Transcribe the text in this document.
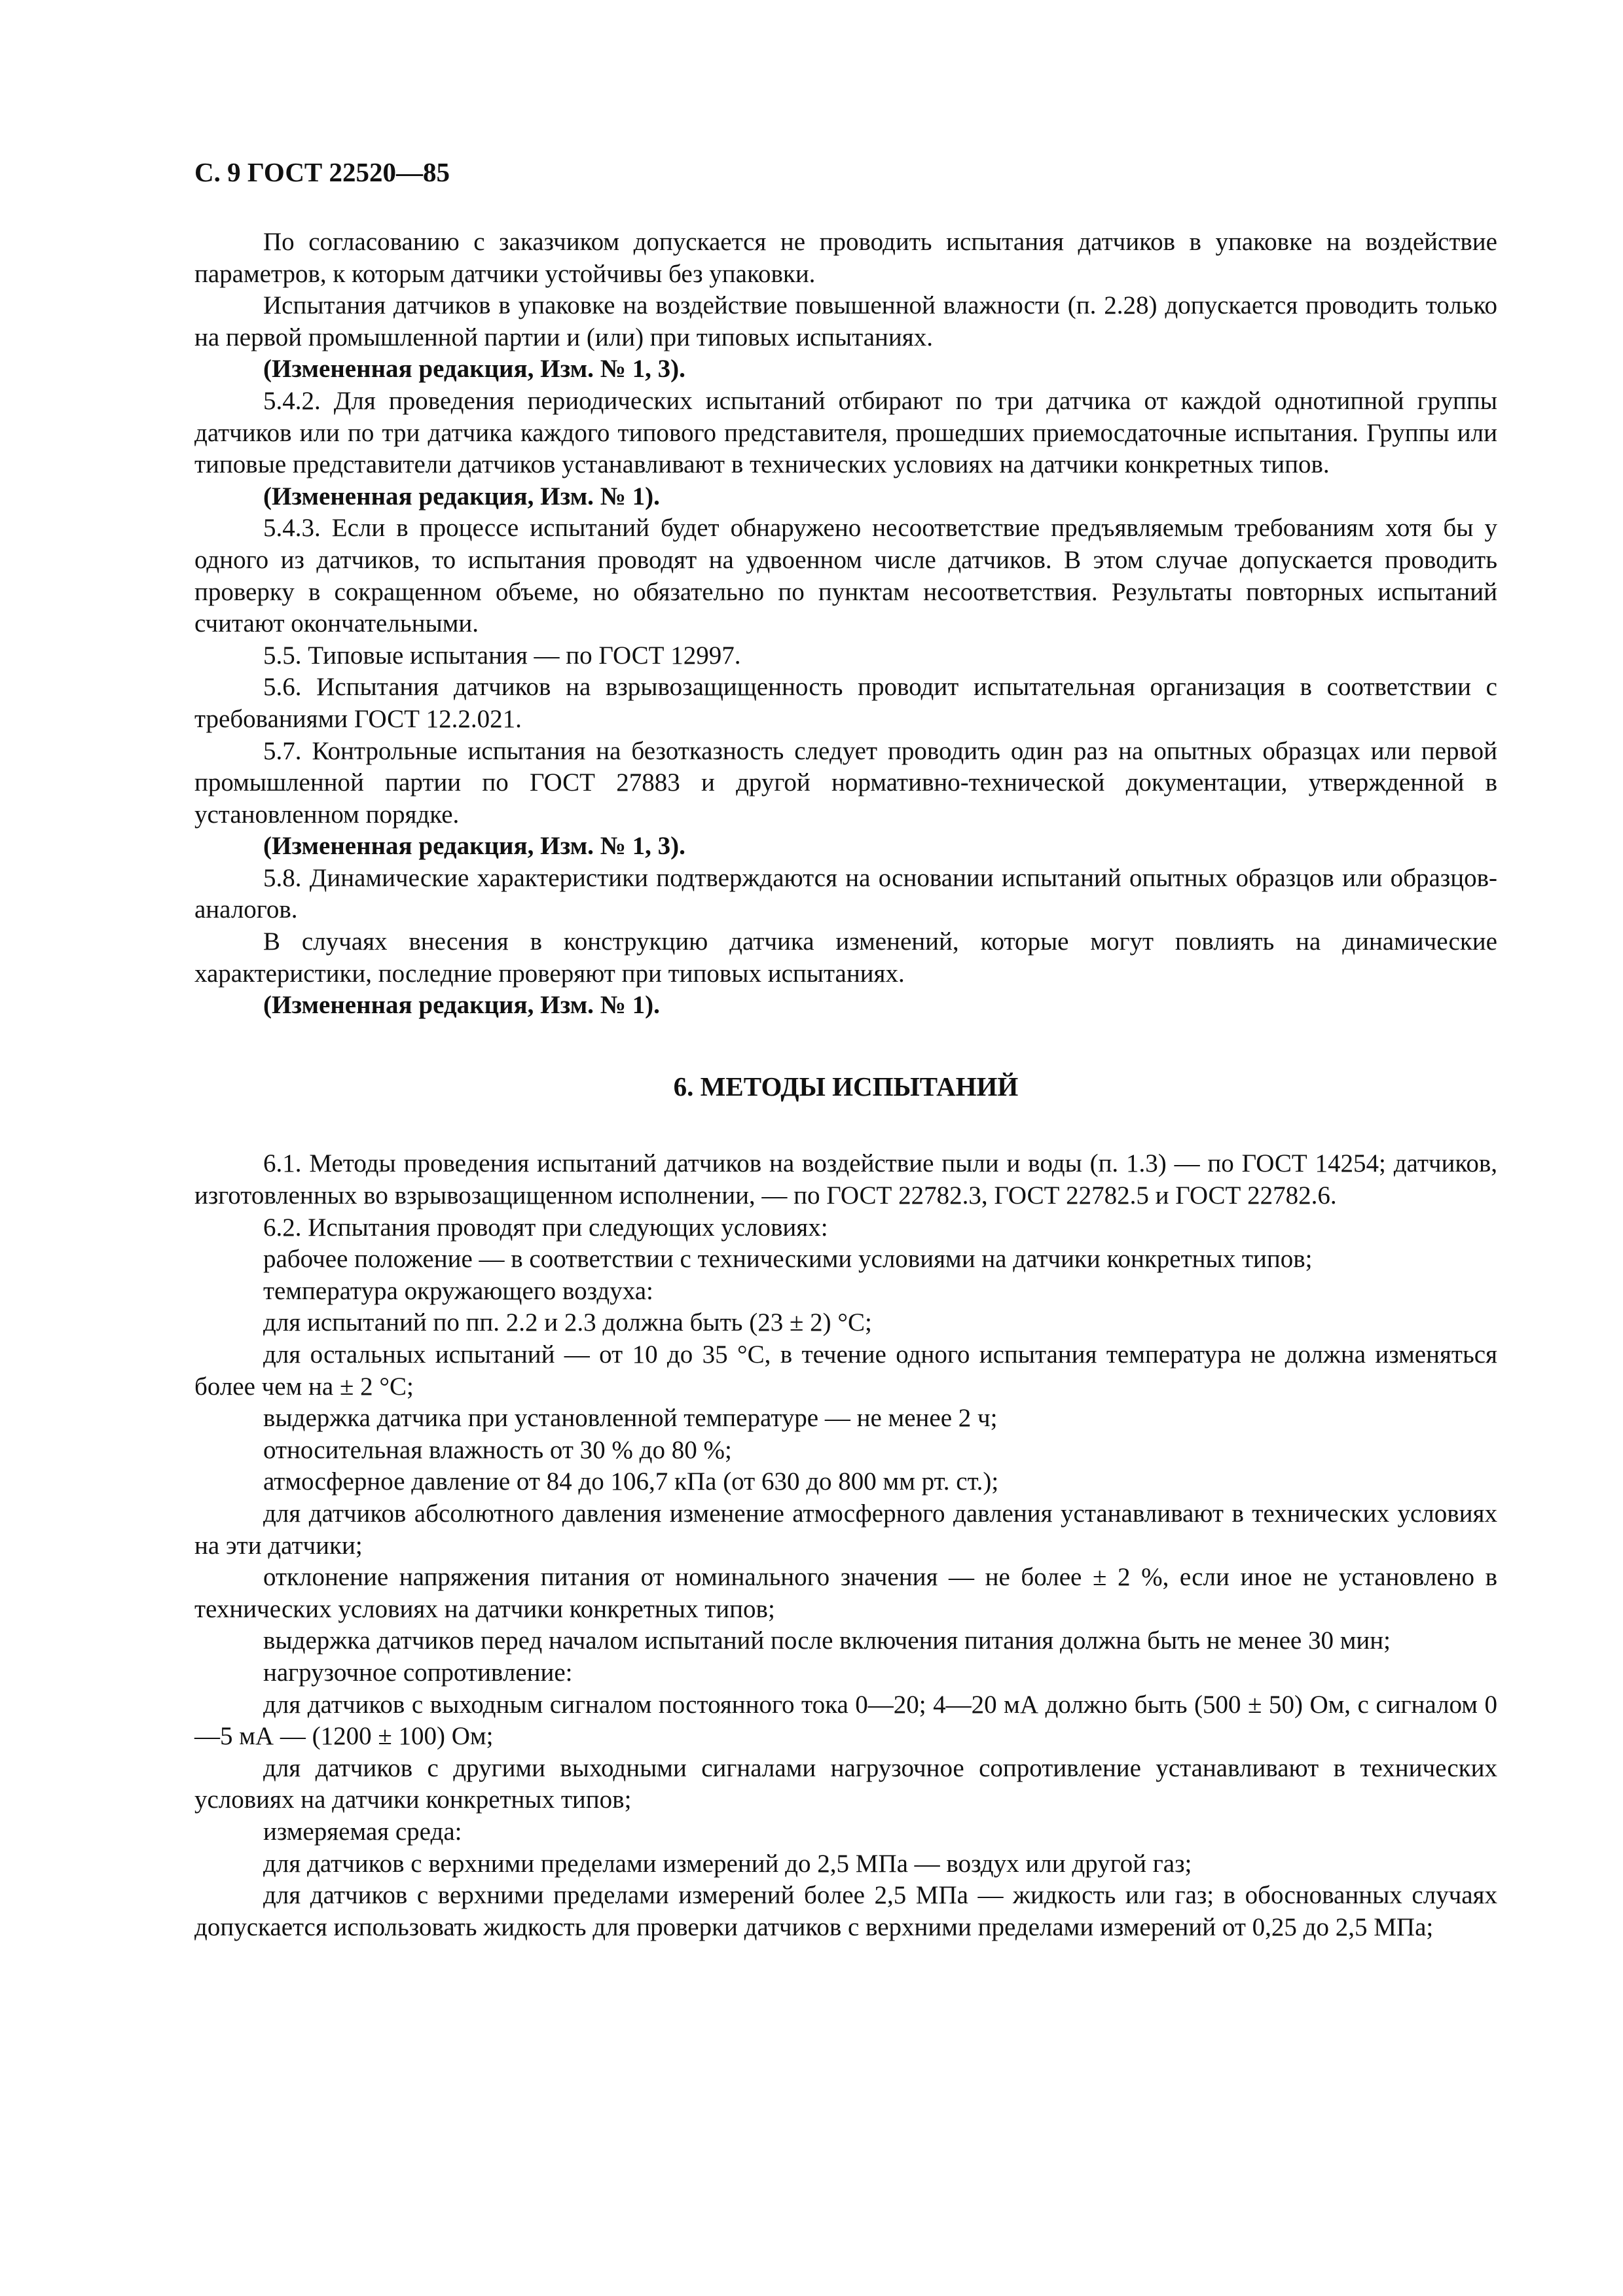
С. 9 ГОСТ 22520—85

По согласованию с заказчиком допускается не проводить испытания датчиков в упаковке на воздействие параметров, к которым датчики устойчивы без упаковки.

Испытания датчиков в упаковке на воздействие повышенной влажности (п. 2.28) допускается проводить только на первой промышленной партии и (или) при типовых испытаниях.

(Измененная редакция, Изм. № 1, 3).

5.4.2. Для проведения периодических испытаний отбирают по три датчика от каждой однотипной группы датчиков или по три датчика каждого типового представителя, прошедших приемосдаточные испытания. Группы или типовые представители датчиков устанавливают в технических условиях на датчики конкретных типов.

(Измененная редакция, Изм. № 1).

5.4.3. Если в процессе испытаний будет обнаружено несоответствие предъявляемым требованиям хотя бы у одного из датчиков, то испытания проводят на удвоенном числе датчиков. В этом случае допускается проводить проверку в сокращенном объеме, но обязательно по пунктам несоответствия. Результаты повторных испытаний считают окончательными.

5.5. Типовые испытания — по ГОСТ 12997.

5.6. Испытания датчиков на взрывозащищенность проводит испытательная организация в соответствии с требованиями ГОСТ 12.2.021.

5.7. Контрольные испытания на безотказность следует проводить один раз на опытных образцах или первой промышленной партии по ГОСТ 27883 и другой нормативно-технической документации, утвержденной в установленном порядке.

(Измененная редакция, Изм. № 1, 3).

5.8. Динамические характеристики подтверждаются на основании испытаний опытных образцов или образцов-аналогов.

В случаях внесения в конструкцию датчика изменений, которые могут повлиять на динамические характеристики, последние проверяют при типовых испытаниях.

(Измененная редакция, Изм. № 1).

6. МЕТОДЫ ИСПЫТАНИЙ

6.1. Методы проведения испытаний датчиков на воздействие пыли и воды (п. 1.3) — по ГОСТ 14254; датчиков, изготовленных во взрывозащищенном исполнении, — по ГОСТ 22782.3, ГОСТ 22782.5 и ГОСТ 22782.6.

6.2. Испытания проводят при следующих условиях:

рабочее положение — в соответствии с техническими условиями на датчики конкретных типов;

температура окружающего воздуха:

для испытаний по пп. 2.2 и 2.3 должна быть (23 ± 2) °С;

для остальных испытаний — от 10 до 35 °С, в течение одного испытания температура не должна изменяться более чем на ± 2 °С;

выдержка датчика при установленной температуре — не менее 2 ч;

относительная влажность от 30 % до 80 %;

атмосферное давление от 84 до 106,7 кПа (от 630 до 800 мм рт. ст.);

для датчиков абсолютного давления изменение атмосферного давления устанавливают в технических условиях на эти датчики;

отклонение напряжения питания от номинального значения — не более ± 2 %, если иное не установлено в технических условиях на датчики конкретных типов;

выдержка датчиков перед началом испытаний после включения питания должна быть не менее 30 мин;

нагрузочное сопротивление:

для датчиков с выходным сигналом постоянного тока 0—20; 4—20 мА должно быть (500 ± 50) Ом, с сигналом 0—5 мА — (1200 ± 100) Ом;

для датчиков с другими выходными сигналами нагрузочное сопротивление устанавливают в технических условиях на датчики конкретных типов;

измеряемая среда:

для датчиков с верхними пределами измерений до 2,5 МПа — воздух или другой газ;

для датчиков с верхними пределами измерений более 2,5 МПа — жидкость или газ; в обоснованных случаях допускается использовать жидкость для проверки датчиков с верхними пределами измерений от 0,25 до 2,5 МПа;
